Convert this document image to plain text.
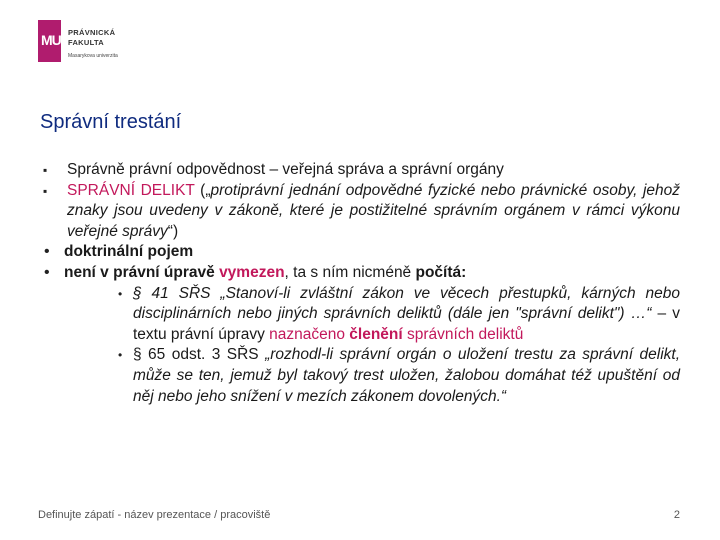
MU PRÁVNICKÁ
FAKULTA
Masarykova univerzita
Správní trestání
▪ Správně právní odpovědnost – veřejná správa a správní orgány
▪ SPRÁVNÍ DELIKT („protiprávní jednání odpovědné fyzické nebo právnické osoby, jehož znaky jsou uvedeny v zákoně, které je postižitelné správním orgánem v rámci výkonu veřejné správy“)
• doktrinální pojem
• není v právní úpravě vymezen, ta s ním nicméně počítá:
• § 41 SŘS „Stanoví-li zvláštní zákon ve věcech přestupků, kárných nebo disciplinárních nebo jiných správních deliktů (dále jen "správní delikt") …“ – v textu právní úpravy naznačeno členění správních deliktů
• § 65 odst. 3 SŘS „rozhodl-li správní orgán o uložení trestu za správní delikt, může se ten, jemuž byl takový trest uložen, žalobou domáhat též upuštění od něj nebo jeho snížení v mezích zákonem dovolených.“
Definujte zápatí - název prezentace / pracoviště	2
